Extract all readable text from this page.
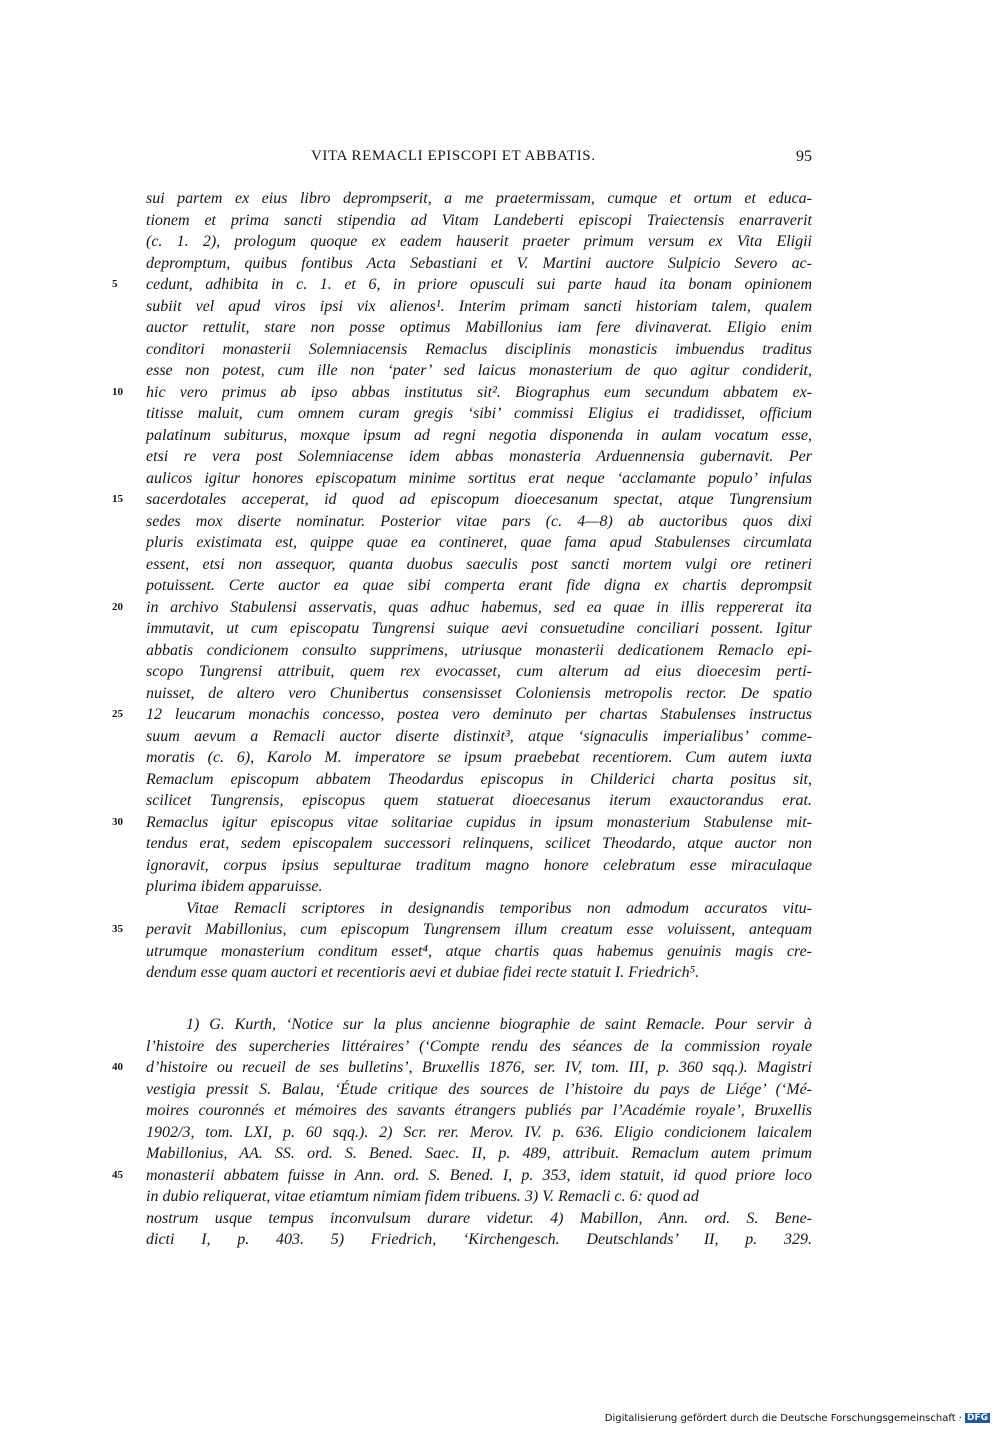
VITA REMACLI EPISCOPI ET ABBATIS.	95
sui partem ex eius libro deprompserit, a me praetermissam, cumque et ortum et educa-
tionem et prima sancti stipendia ad Vitam Landeberti episcopi Traiectensis enarraverit
(c. 1. 2), prologum quoque ex eadem hauserit praeter primum versum ex Vita Eligii
depromptum, quibus fontibus Acta Sebastiani et V. Martini auctore Sulpicio Severo ac-
5	cedunt, adhibita in c. 1. et 6, in priore opusculi sui parte haud ita bonam opinionem
subiit vel apud viros ipsi vix alienos¹. Interim primam sancti historiam talem, qualem
auctor rettulit, stare non posse optimus Mabillonius iam fere divinaverat. Eligio enim
conditori monasterii Solemniacensis Remaclus disciplinis monasticis imbuendus traditus
esse non potest, cum ille non ‘pater’ sed laicus monasterium de quo agitur condiderit,
10	hic vero primus ab ipso abbas institutus sit². Biographus eum secundum abbatem ex-
titisse maluit, cum omnem curam gregis ‘sibi’ commissi Eligius ei tradidisset, officium
palatinum subiturus, moxque ipsum ad regni negotia disponenda in aulam vocatum esse,
etsi re vera post Solemniacense idem abbas monasteria Arduennensia gubernavit. Per
aulicos igitur honores episcopatum minime sortitus erat neque ‘acclamante populo’ infulas
15	sacerdotales acceperat, id quod ad episcopum dioecesanum spectat, atque Tungrensium
sedes mox diserte nominatur. Posterior vitae pars (c. 4—8) ab auctoribus quos dixi
pluris existimata est, quippe quae ea contineret, quae fama apud Stabulenses circumlata
essent, etsi non assequor, quanta duobus saeculis post sancti mortem vulgi ore retineri
potuissent. Certe auctor ea quae sibi comperta erant fide digna ex chartis deprompsit
20	in archivo Stabulensi asservatis, quas adhuc habemus, sed ea quae in illis reppererat ita
immutavit, ut cum episcopatu Tungrensi suique aevi consuetudine conciliari possent. Igitur
abbatis condicionem consulto supprimens, utriusque monasterii dedicationem Remaclo epi-
scopo Tungrensi attribuit, quem rex evocasset, cum alterum ad eius dioecesim perti-
nuisset, de altero vero Chunibertus consensisset Coloniensis metropolis rector. De spatio
25	12 leucarum monachis concesso, postea vero deminuto per chartas Stabulenses instructus
suum aevum a Remacli auctor diserte distinxit³, atque ‘signaculis imperialibus’ comme-
moratis (c. 6), Karolo M. imperatore se ipsum praebebat recentiorem. Cum autem iuxta
Remaclum episcopum abbatem Theodardus episcopus in Childerici charta positus sit,
scilicet Tungrensis, episcopus quem statuerat dioecesanus iterum exauctorandus erat.
30	Remaclus igitur episcopus vitae solitariae cupidus in ipsum monasterium Stabulense mit-
tendus erat, sedem episcopalem successori relinquens, scilicet Theodardo, atque auctor non
ignoravit, corpus ipsius sepulturae traditum magno honore celebratum esse miraculaque
plurima ibidem apparuisse.
Vitae Remacli scriptores in designandis temporibus non admodum accuratos vitu-
35	peravit Mabillonius, cum episcopum Tungrensem illum creatum esse voluissent, antequam
utrumque monasterium conditum esset⁴, atque chartis quas habemus genuinis magis cre-
dendum esse quam auctori et recentioris aevi et dubiae fidei recte statuit I. Friedrich⁵.
1) G. Kurth, ‘Notice sur la plus ancienne biographie de saint Remacle. Pour servir à
l’histoire des supercheries littéraires’ (‘Compte rendu des séances de la commission royale
40	d’histoire ou recueil de ses bulletins’, Bruxellis 1876, ser. IV, tom. III, p. 360 sqq.). Magistri
vestigia pressit S. Balau, ‘Étude critique des sources de l’histoire du pays de Liége’ (‘Mé-
moires couronnés et mémoires des savants étrangers publiés par l’Académie royale’, Bruxellis
1902/3, tom. LXI, p. 60 sqq.). 2) Scr. rer. Merov. IV. p. 636. Eligio condicionem laicalem
Mabillonius, AA. SS. ord. S. Bened. Saec. II, p. 489, attribuit. Remaclum autem primum
45	monasterii abbatem fuisse in Ann. ord. S. Bened. I, p. 353, idem statuit, id quod priore loco
in dubio reliquerat, vitae etiamtum nimiam fidem tribuens. 3) V. Remacli c. 6: quod ad
nostrum usque tempus inconvulsum durare videtur. 4) Mabillon, Ann. ord. S. Bene-
dicti I, p. 403. 5) Friedrich, ‘Kirchengesch. Deutschlands’ II, p. 329.
Digitalisierung gefördert durch die Deutsche Forschungsgemeinschaft · DFG
